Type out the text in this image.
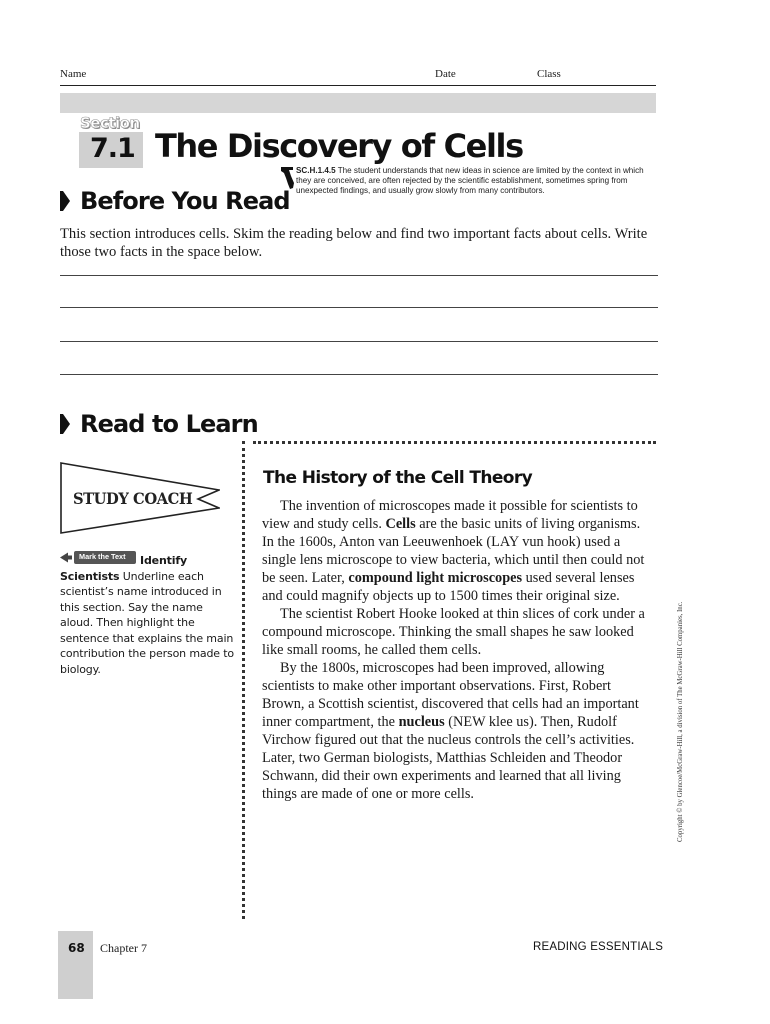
Name	Date	Class
Section
7.1 The Discovery of Cells
SC.H.1.4.5 The student understands that new ideas in science are limited by the context in which they are conceived, are often rejected by the scientific establishment, sometimes spring from unexpected findings, and usually grow slowly from many contributors.
Before You Read
This section introduces cells. Skim the reading below and find two important facts about cells. Write those two facts in the space below.
Read to Learn
STUDY COACH
Mark the Text	Identify Scientists Underline each scientist’s name introduced in this section. Say the name aloud. Then highlight the sentence that explains the main contribution the person made to biology.
The History of the Cell Theory

The invention of microscopes made it possible for scientists to view and study cells. Cells are the basic units of living organisms. In the 1600s, Anton van Leeuwenhoek (LAY vun hook) used a single lens microscope to view bacteria, which until then could not be seen. Later, compound light microscopes used several lenses and could magnify objects up to 1500 times their original size.

The scientist Robert Hooke looked at thin slices of cork under a compound microscope. Thinking the small shapes he saw looked like small rooms, he called them cells.

By the 1800s, microscopes had been improved, allowing scientists to make other important observations. First, Robert Brown, a Scottish scientist, discovered that cells had an important inner compartment, the nucleus (NEW klee us). Then, Rudolf Virchow figured out that the nucleus controls the cell’s activities. Later, two German biologists, Matthias Schleiden and Theodor Schwann, did their own experiments and learned that all living things are made of one or more cells.	Copyright © by Glencoe/McGraw-Hill, a division of The McGraw-Hill Companies, Inc.
68 Chapter 7	READING ESSENTIALS
